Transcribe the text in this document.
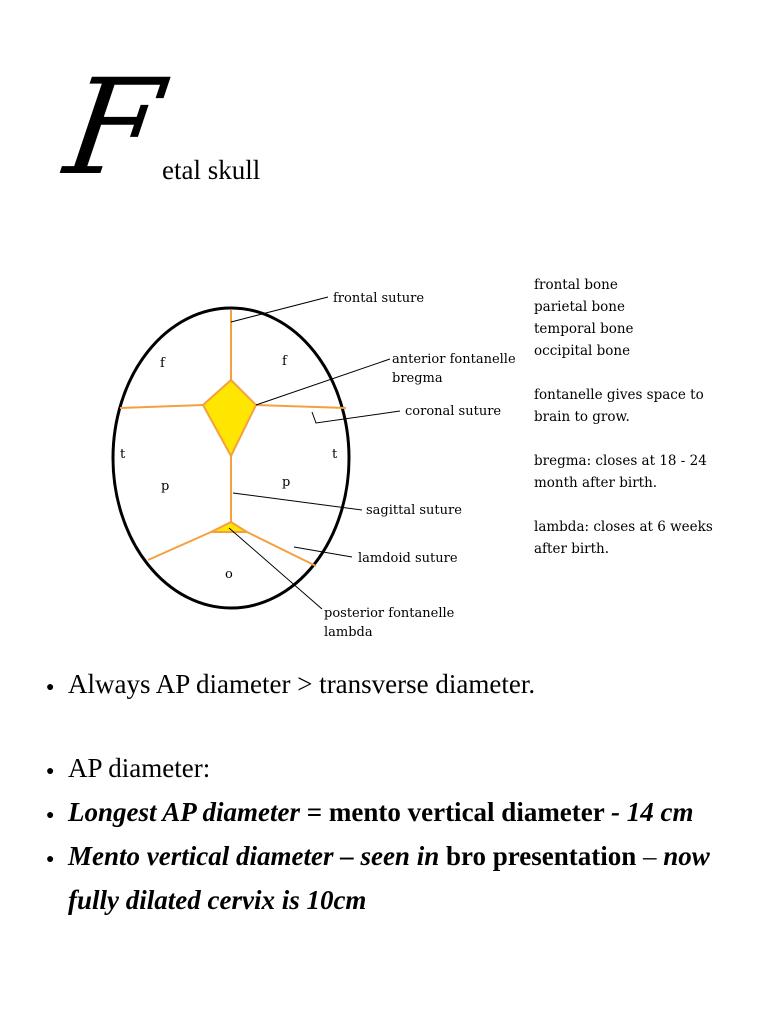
F
etal skull
f	f
t	t
p	p
o
frontal suture
anterior fontanelle
bregma
coronal suture
sagittal suture
lamdoid suture
posterior fontanelle
lambda

frontal bone

parietal bone

temporal bone

occipital bone

fontanelle gives space to

brain to grow.

bregma: closes at 18 - 24

month after birth.

lambda: closes at 6 weeks

after birth.

● Always AP diameter > transverse diameter.
● AP diameter:
● Longest AP diameter = mento vertical diameter - 14 cm
● Mento vertical diameter – seen in bro presentation – now fully dilated cervix is 10cm
